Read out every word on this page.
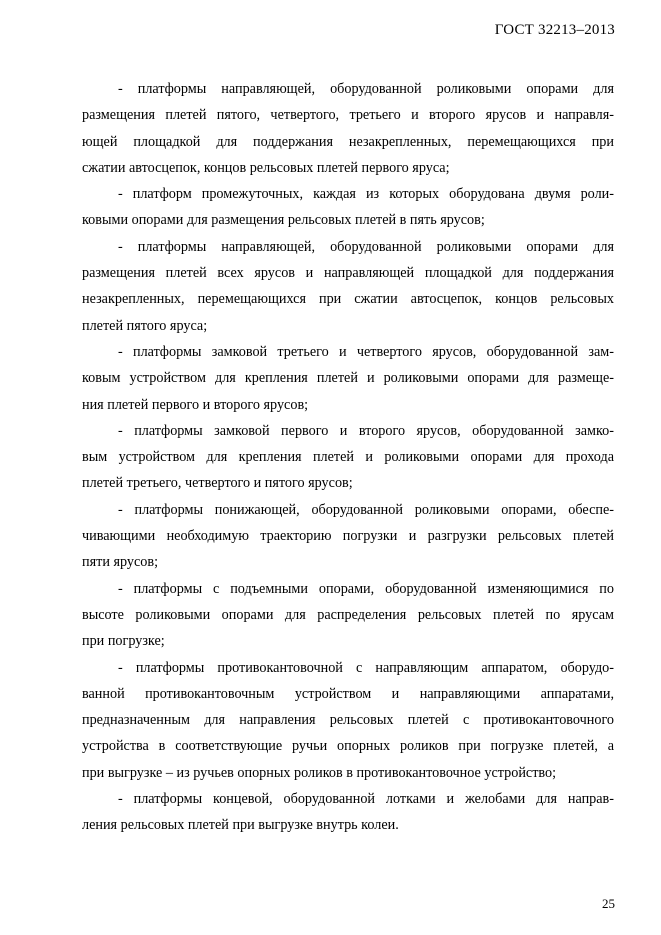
ГОСТ 32213–2013
- платформы направляющей, оборудованной роликовыми опорами для
размещения плетей пятого, четвертого, третьего и второго ярусов и направля-
ющей площадкой для поддержания незакрепленных, перемещающихся при
сжатии автосцепок, концов рельсовых плетей первого яруса;
- платформ промежуточных, каждая из которых оборудована двумя роли-
ковыми опорами для размещения рельсовых плетей в пять ярусов;
- платформы направляющей, оборудованной роликовыми опорами для
размещения плетей всех ярусов и направляющей площадкой для поддержания
незакрепленных, перемещающихся при сжатии автосцепок, концов рельсовых
плетей пятого яруса;
- платформы замковой третьего и четвертого ярусов, оборудованной зам-
ковым устройством для крепления плетей и роликовыми опорами для размеще-
ния плетей первого и второго ярусов;
- платформы замковой первого и второго ярусов, оборудованной замко-
вым устройством для крепления плетей и роликовыми опорами для прохода
плетей третьего, четвертого и пятого ярусов;
- платформы понижающей, оборудованной роликовыми опорами, обеспе-
чивающими необходимую траекторию погрузки и разгрузки рельсовых плетей
пяти ярусов;
- платформы с подъемными опорами, оборудованной изменяющимися по
высоте роликовыми опорами для распределения рельсовых плетей по ярусам
при погрузке;
- платформы противокантовочной с направляющим аппаратом, оборудо-
ванной противокантовочным устройством и направляющими аппаратами,
предназначенным для направления рельсовых плетей с противокантовочного
устройства в соответствующие ручьи опорных роликов при погрузке плетей, а
при выгрузке – из ручьев опорных роликов в противокантовочное устройство;
- платформы концевой, оборудованной лотками и желобами для направ-
ления рельсовых плетей при выгрузке внутрь колеи.
25
